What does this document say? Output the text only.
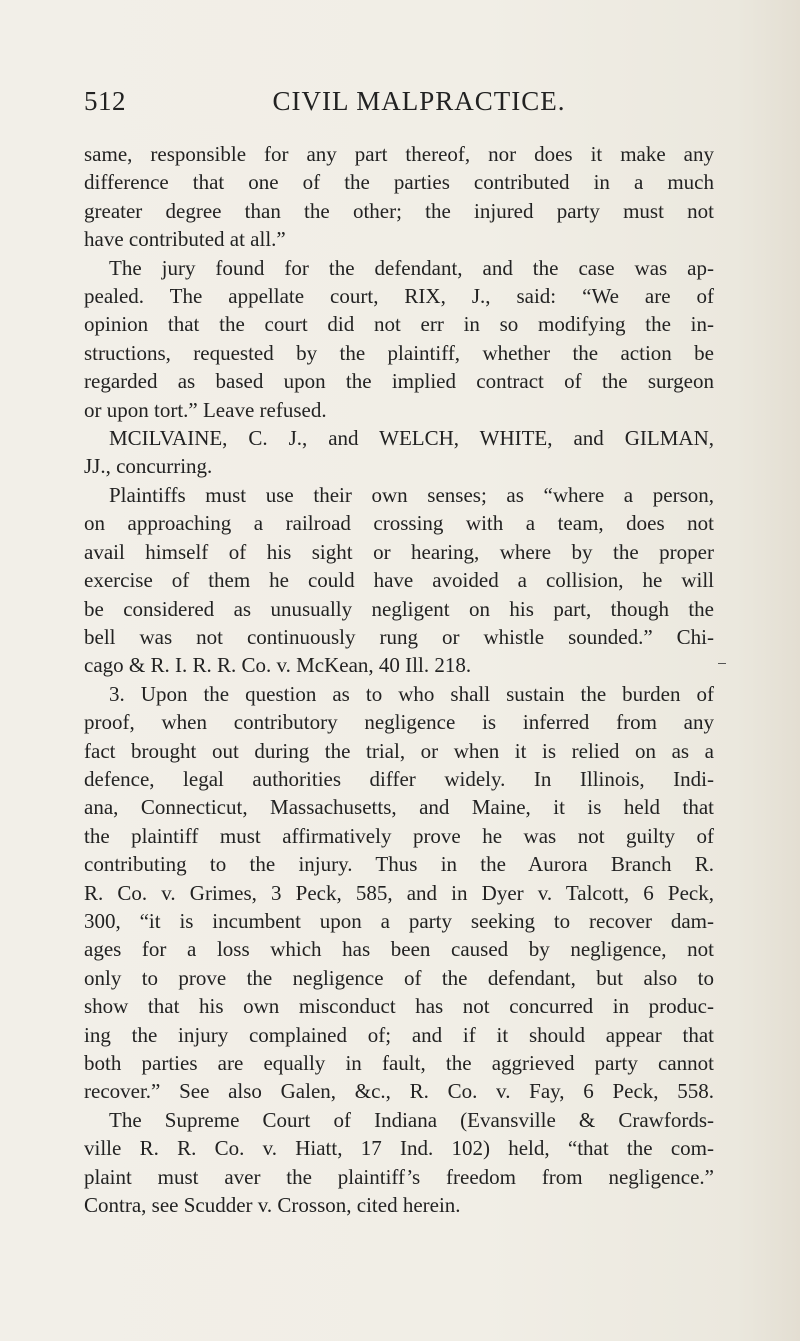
512	CIVIL MALPRACTICE.
same, responsible for any part thereof, nor does it make any
difference that one of the parties contributed in a much
greater degree than the other; the injured party must not
have contributed at all.”
The jury found for the defendant, and the case was ap-
pealed. The appellate court, RIX, J., said: “We are of
opinion that the court did not err in so modifying the in-
structions, requested by the plaintiff, whether the action be
regarded as based upon the implied contract of the surgeon
or upon tort.” Leave refused.
MCILVAINE, C. J., and WELCH, WHITE, and GILMAN,
JJ., concurring.
Plaintiffs must use their own senses; as “where a person,
on approaching a railroad crossing with a team, does not
avail himself of his sight or hearing, where by the proper
exercise of them he could have avoided a collision, he will
be considered as unusually negligent on his part, though the
bell was not continuously rung or whistle sounded.” Chi-
cago & R. I. R. R. Co. v. McKean, 40 Ill. 218.
3. Upon the question as to who shall sustain the burden of
proof, when contributory negligence is inferred from any
fact brought out during the trial, or when it is relied on as a
defence, legal authorities differ widely. In Illinois, Indi-
ana, Connecticut, Massachusetts, and Maine, it is held that
the plaintiff must affirmatively prove he was not guilty of
contributing to the injury. Thus in the Aurora Branch R.
R. Co. v. Grimes, 3 Peck, 585, and in Dyer v. Talcott, 6 Peck,
300, “it is incumbent upon a party seeking to recover dam-
ages for a loss which has been caused by negligence, not
only to prove the negligence of the defendant, but also to
show that his own misconduct has not concurred in produc-
ing the injury complained of; and if it should appear that
both parties are equally in fault, the aggrieved party cannot
recover.” See also Galen, &c., R. Co. v. Fay, 6 Peck, 558.
The Supreme Court of Indiana (Evansville & Crawfords-
ville R. R. Co. v. Hiatt, 17 Ind. 102) held, “that the com-
plaint must aver the plaintiff’s freedom from negligence.”
Contra, see Scudder v. Crosson, cited herein.
